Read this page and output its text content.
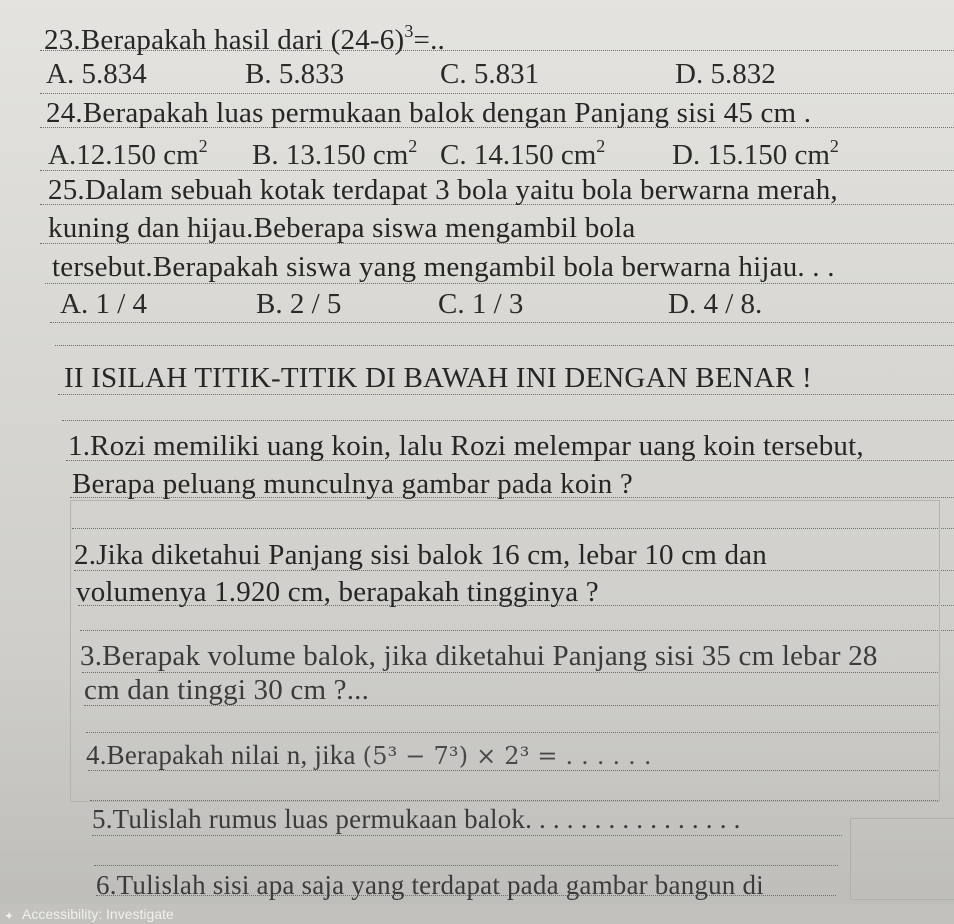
23.Berapakah hasil dari $(24-6)^3=$..
A. 5.834	B. 5.833	C. 5.831	D. 5.832
24.Berapakah luas permukaan balok dengan Panjang sisi 45 cm .
A.12.150 $cm^2$ B. 13.150 $cm^2$ C. 14.150 $cm^2$ D. 15.150 $cm^2$
25.Dalam sebuah kotak terdapat 3 bola yaitu bola berwarna merah,
kuning dan hijau.Beberapa siswa mengambil bola
tersebut.Berapakah siswa yang mengambil bola berwarna hijau. . .
A. 1 / 4	B. 2 / 5	C. 1 / 3	D. 4 / 8.
II ISILAH TITIK-TITIK DI BAWAH INI DENGAN BENAR !
1.Rozi memiliki uang koin, lalu Rozi melempar uang koin tersebut,
Berapa peluang munculnya gambar pada koin ?
2.Jika diketahui Panjang sisi balok 16 cm, lebar 10 cm dan
volumenya 1.920 cm, berapakah tingginya ?
3.Berapak volume balok, jika diketahui Panjang sisi 35 cm lebar 28
cm dan tinggi 30 cm ?...
4.Berapakah nilai n, jika (5³ − 7³) × 2³ = . . . . . .
5.Tulislah rumus luas permukaan balok. . . . . . . . . . . . . . . .
6.Tulislah sisi apa saja yang terdapat pada gambar bangun di
✦ Accessibility: Investigate
